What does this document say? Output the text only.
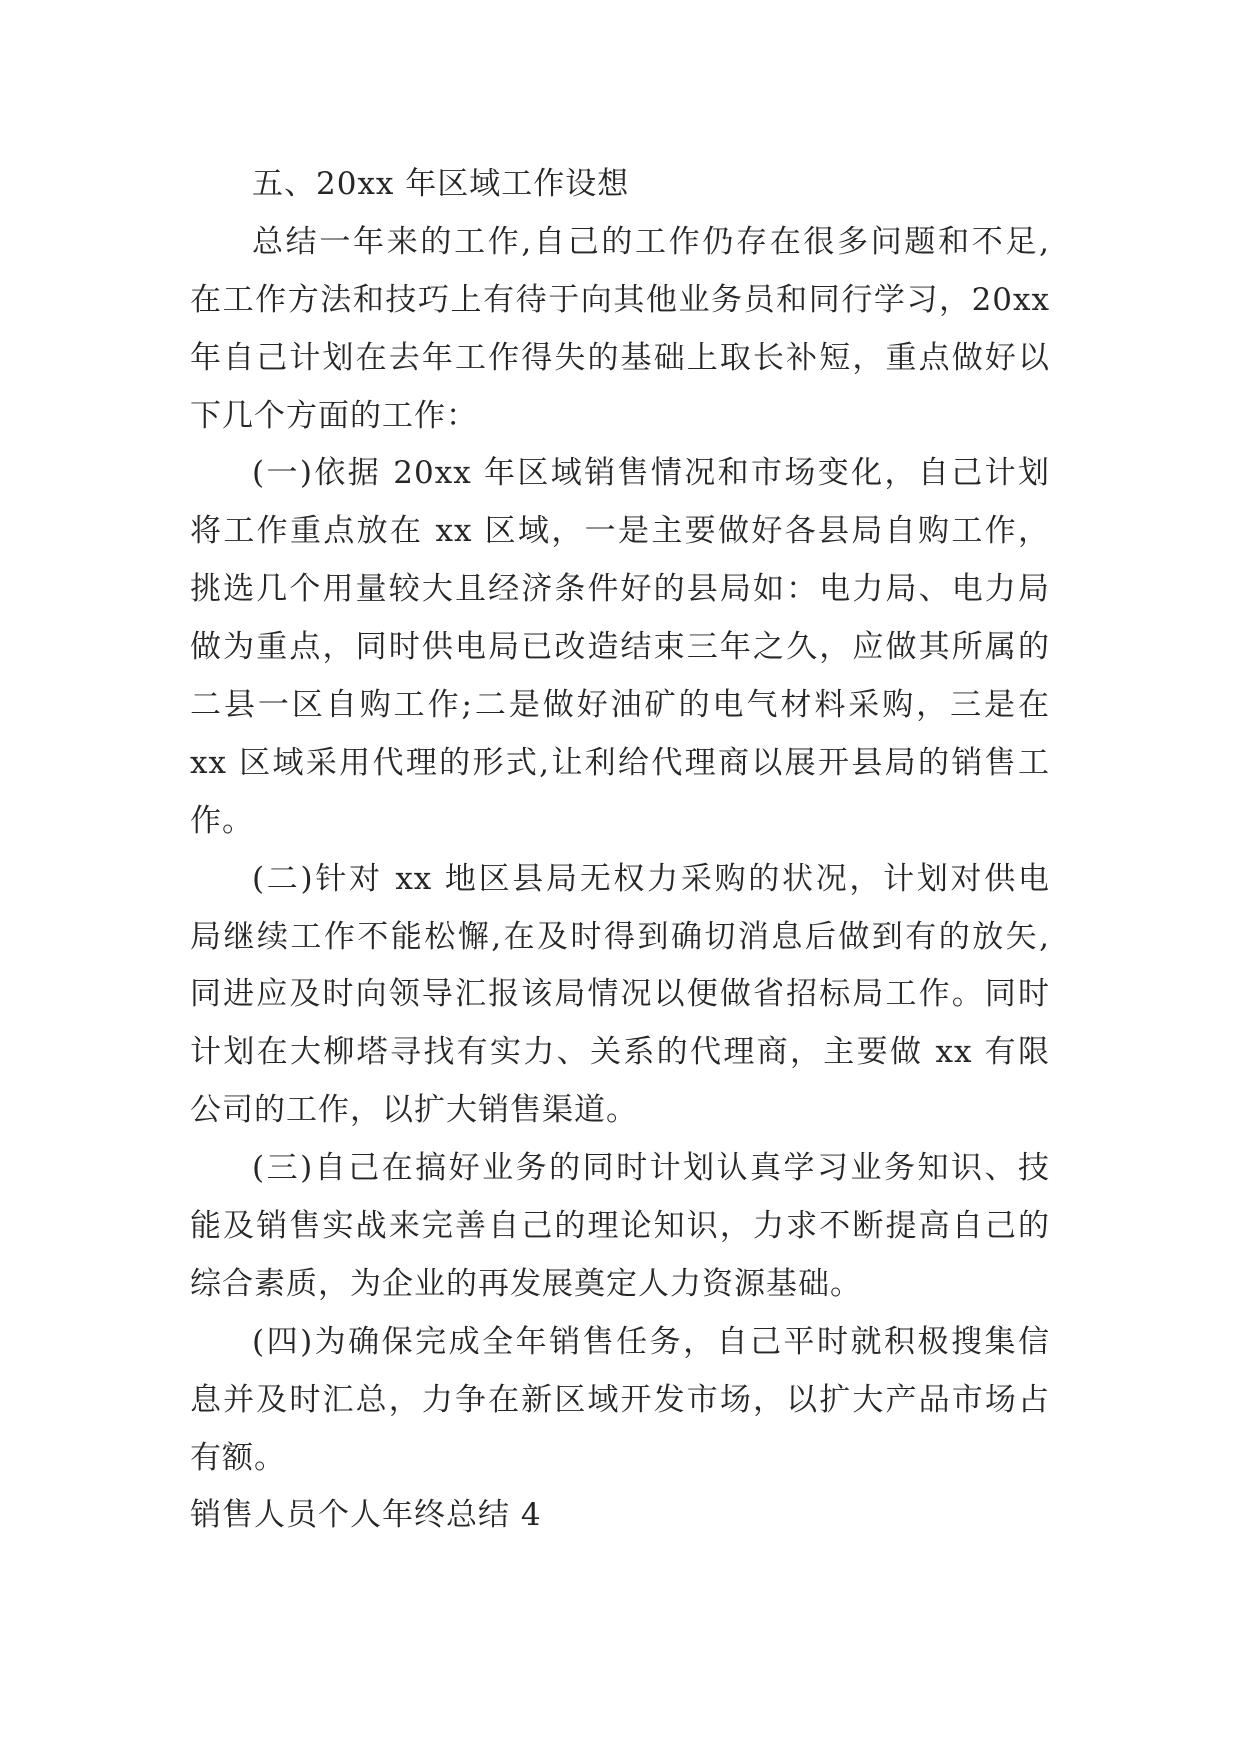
五、20xx 年区域工作设想
总结一年来的工作,自己的工作仍存在很多问题和不足,
在工作方法和技巧上有待于向其他业务员和同行学习，20xx
年自己计划在去年工作得失的基础上取长补短，重点做好以
下几个方面的工作：
(一)依据 20xx 年区域销售情况和市场变化，自己计划
将工作重点放在 xx 区域，一是主要做好各县局自购工作，
挑选几个用量较大且经济条件好的县局如：电力局、电力局
做为重点，同时供电局已改造结束三年之久，应做其所属的
二县一区自购工作;二是做好油矿的电气材料采购，三是在
xx 区域采用代理的形式,让利给代理商以展开县局的销售工
作。
(二)针对 xx 地区县局无权力采购的状况，计划对供电
局继续工作不能松懈,在及时得到确切消息后做到有的放矢,
同进应及时向领导汇报该局情况以便做省招标局工作。同时
计划在大柳塔寻找有实力、关系的代理商，主要做 xx 有限
公司的工作，以扩大销售渠道。
(三)自己在搞好业务的同时计划认真学习业务知识、技
能及销售实战来完善自己的理论知识，力求不断提高自己的
综合素质，为企业的再发展奠定人力资源基础。
(四)为确保完成全年销售任务，自己平时就积极搜集信
息并及时汇总，力争在新区域开发市场，以扩大产品市场占
有额。
销售人员个人年终总结 4
